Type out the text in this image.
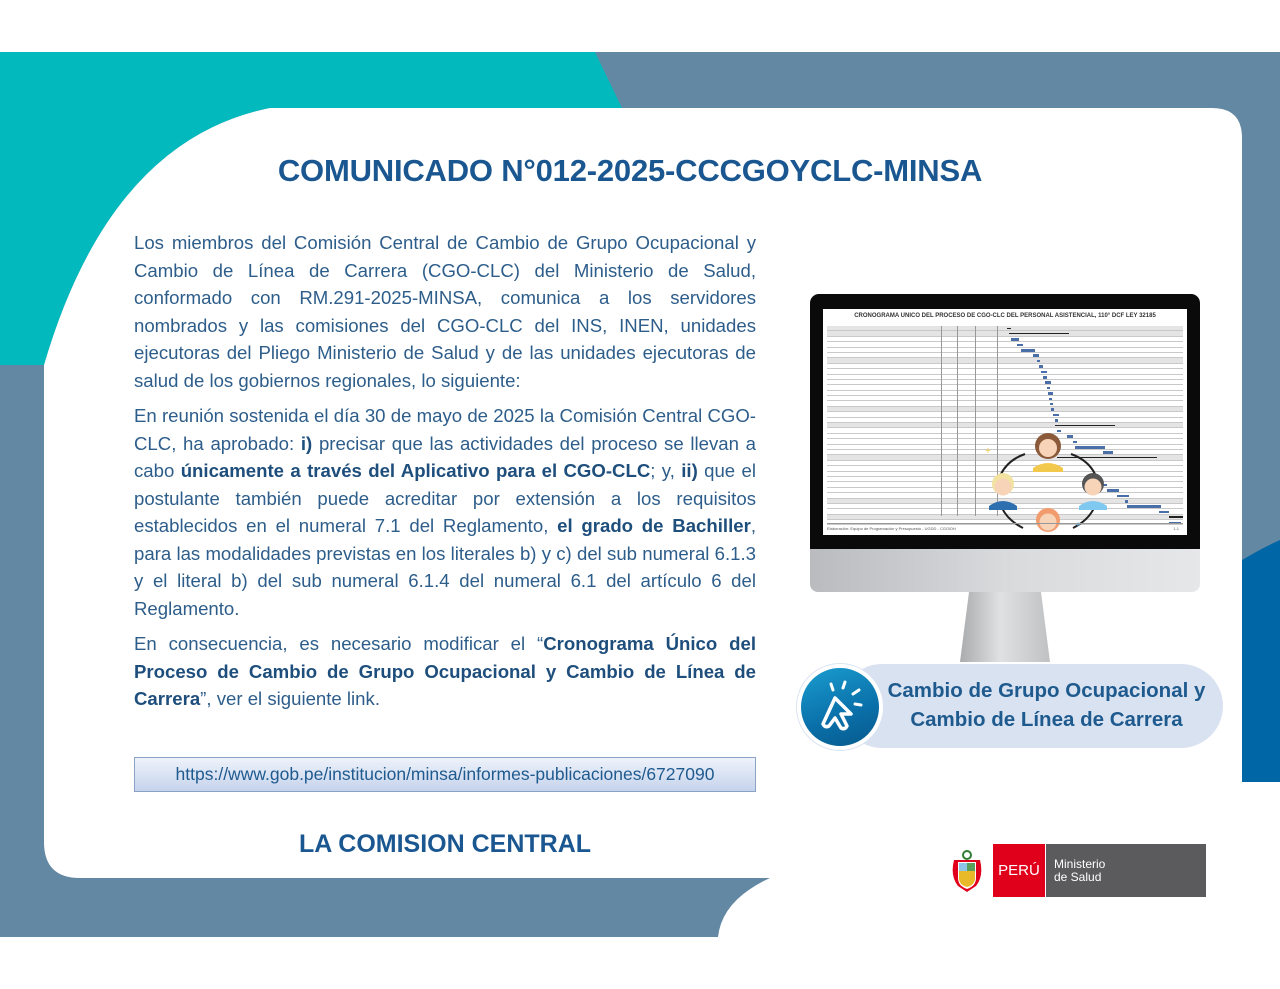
COMUNICADO N°012-2025-CCCGOYCLC-MINSA

Los miembros del Comisión Central de Cambio de Grupo Ocupacional y Cambio de Línea de Carrera (CGO-CLC) del Ministerio de Salud, conformado con RM.291-2025-MINSA, comunica a los servidores nombrados y las comisiones del CGO-CLC del INS, INEN, unidades ejecutoras del Pliego Ministerio de Salud y de las unidades ejecutoras de salud de los gobiernos regionales, lo siguiente:

En reunión sostenida el día 30 de mayo de 2025 la Comisión Central CGO-CLC, ha aprobado: i) precisar que las actividades del proceso se llevan a cabo únicamente a través del Aplicativo para el CGO-CLC; y, ii) que el postulante también puede acreditar por extensión a los requisitos establecidos en el numeral 7.1 del Reglamento, el grado de Bachiller, para las modalidades previstas en los literales b) y c) del sub numeral 6.1.3 y el literal b) del sub numeral 6.1.4 del numeral 6.1 del artículo 6 del Reglamento.

En consecuencia, es necesario modificar el “Cronograma Único del Proceso de Cambio de Grupo Ocupacional y Cambio de Línea de Carrera”, ver el siguiente link.

https://www.gob.pe/institucion/minsa/informes-publicaciones/6727090
LA COMISION CENTRAL
CRONOGRAMA UNICO DEL PROCESO DE CGO-CLC DEL PERSONAL ASISTENCIAL, 110° DCF LEY 32185
+
+
Elaboración: Equipo de Programación y Presupuesto - UGDD - CGO/DH	1-1
Cambio de Grupo Ocupacional y
Cambio de Línea de Carrera
PERÚ	Ministerio
de Salud
